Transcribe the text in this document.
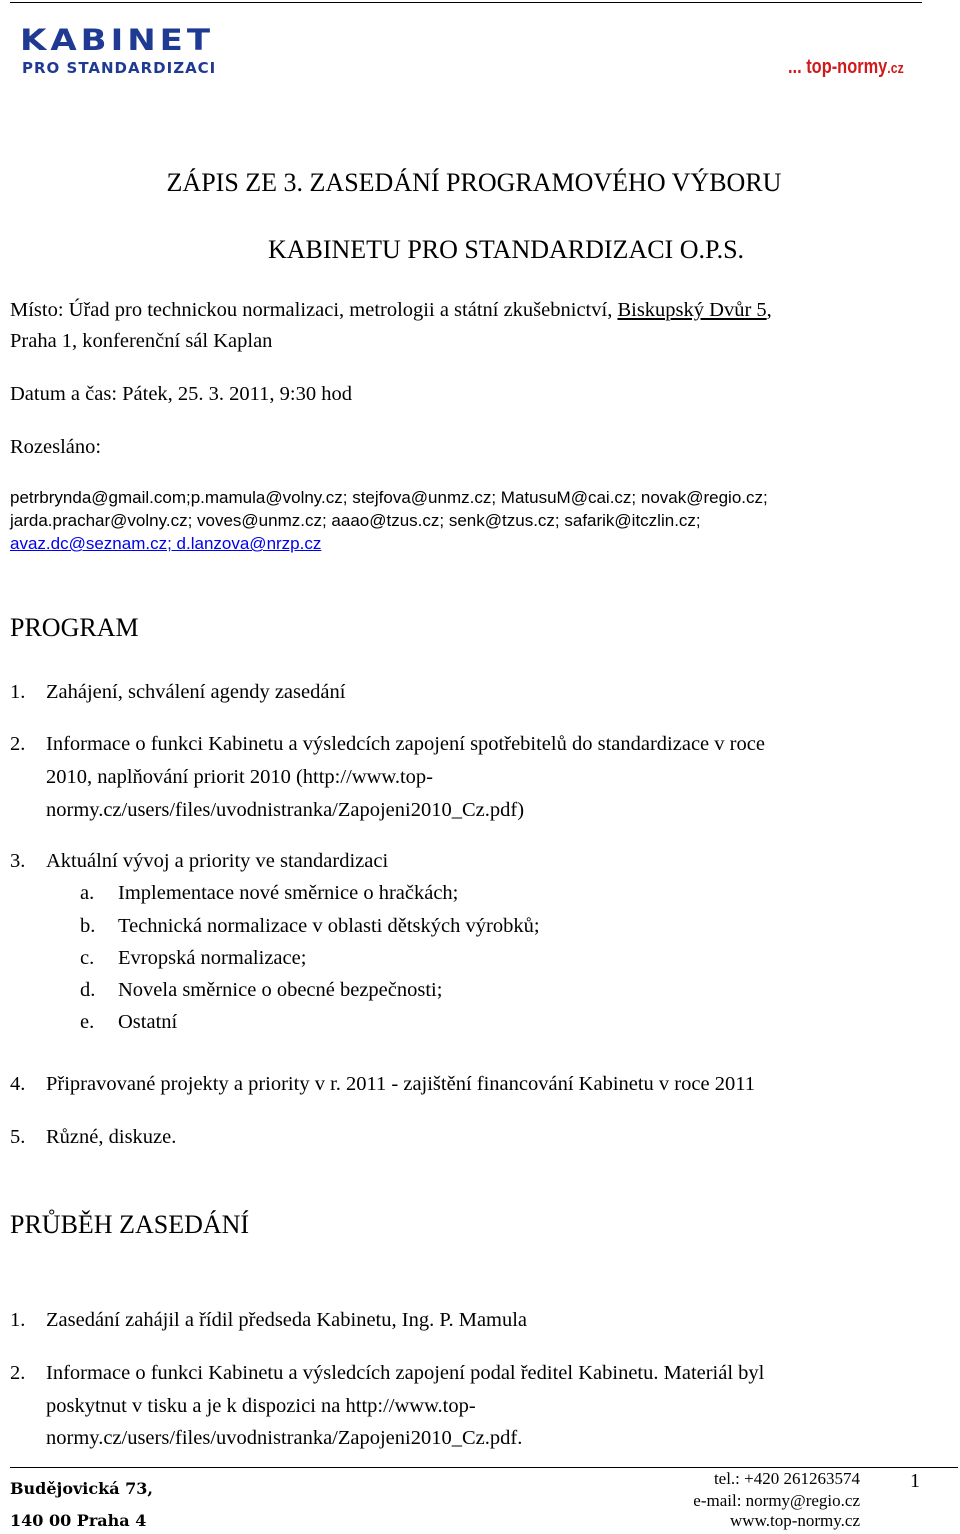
KABINET
PRO STANDARDIZACI	... top-normy.cz
ZÁPIS ZE 3. ZASEDÁNÍ PROGRAMOVÉHO VÝBORU
KABINETU PRO STANDARDIZACI O.P.S.
Místo: Úřad pro technickou normalizaci, metrologii a státní zkušebnictví, Biskupský Dvůr 5,
Praha 1, konferenční sál Kaplan
Datum a čas: Pátek, 25. 3. 2011, 9:30 hod
Rozesláno:
petrbrynda@gmail.com;p.mamula@volny.cz; stejfova@unmz.cz; MatusuM@cai.cz; novak@regio.cz;
jarda.prachar@volny.cz; voves@unmz.cz; aaao@tzus.cz; senk@tzus.cz; safarik@itczlin.cz;
avaz.dc@seznam.cz; d.lanzova@nrzp.cz
PROGRAM
1. Zahájení, schválení agendy zasedání
2. Informace o funkci Kabinetu a výsledcích zapojení spotřebitelů do standardizace v roce
2010, naplňování priorit 2010 (http://www.top-
normy.cz/users/files/uvodnistranka/Zapojeni2010_Cz.pdf)
3. Aktuální vývoj a priority ve standardizaci
a. Implementace nové směrnice o hračkách;
b. Technická normalizace v oblasti dětských výrobků;
c. Evropská normalizace;
d. Novela směrnice o obecné bezpečnosti;
e. Ostatní
4. Připravované projekty a priority v r. 2011 - zajištění financování Kabinetu v roce 2011
5. Různé, diskuze.
PRŮBĚH ZASEDÁNÍ
1. Zasedání zahájil a řídil předseda Kabinetu, Ing. P. Mamula
2. Informace o funkci Kabinetu a výsledcích zapojení podal ředitel Kabinetu. Materiál byl
poskytnut v tisku a je k dispozici na http://www.top-
normy.cz/users/files/uvodnistranka/Zapojeni2010_Cz.pdf.
Budějovická 73,
140 00 Praha 4
tel.: +420 261263574
e-mail: normy@regio.cz
www.top-normy.cz
1
